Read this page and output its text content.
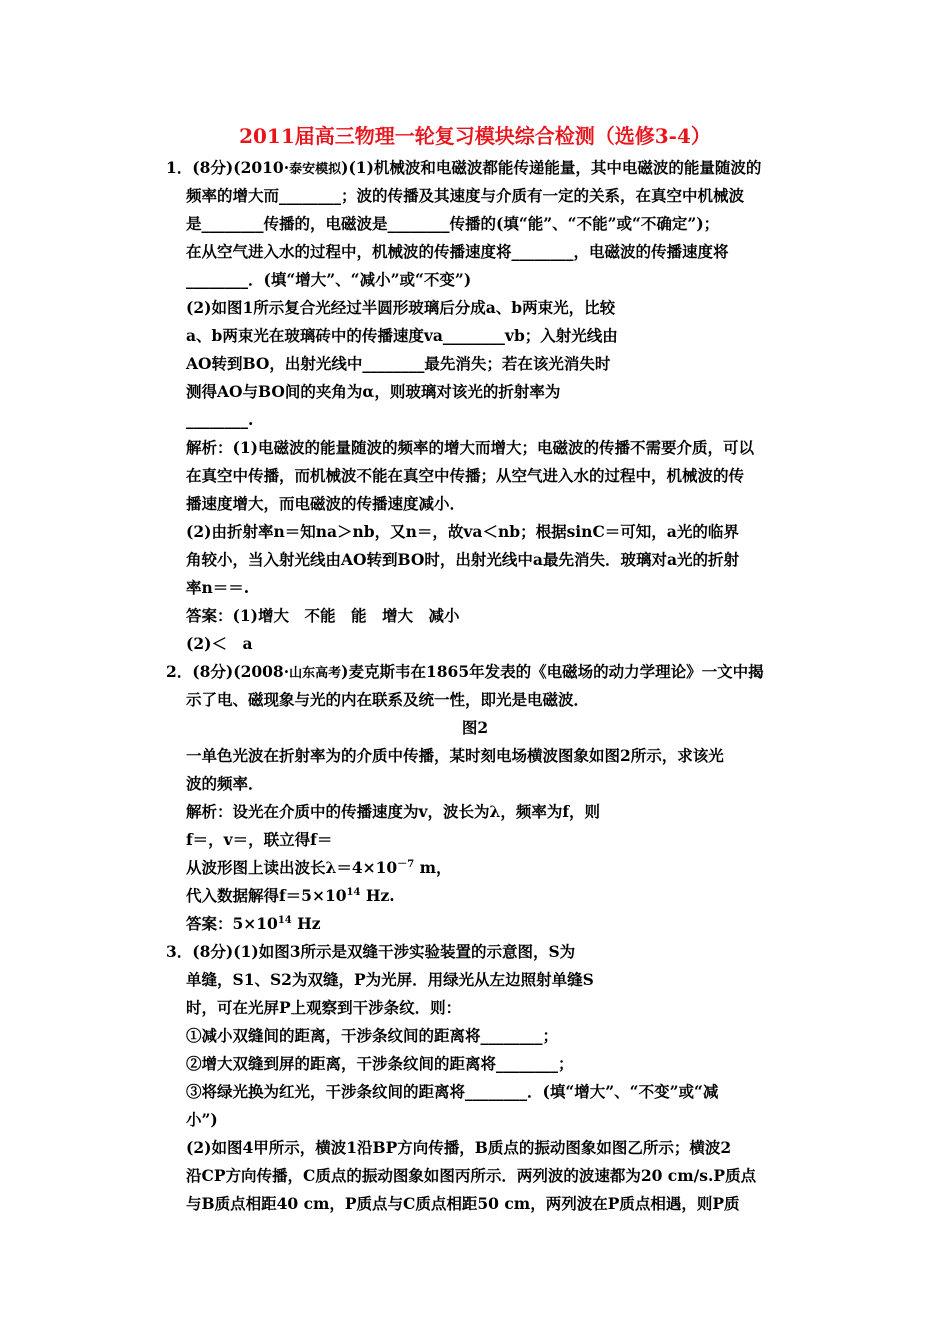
2011届高三物理一轮复习模块综合检测（选修3-4）
1．(8分)(2010·泰安模拟)(1)机械波和电磁波都能传递能量，其中电磁波的能量随波的
频率的增大而________；波的传播及其速度与介质有一定的关系，在真空中机械波
是________传播的，电磁波是________传播的(填“能”、“不能”或“不确定”)；
在从空气进入水的过程中，机械波的传播速度将________，电磁波的传播速度将
________．(填“增大”、“减小”或“不变”)
(2)如图1所示复合光经过半圆形玻璃后分成a、b两束光，比较
a、b两束光在玻璃砖中的传播速度va________vb；入射光线由
AO转到BO，出射光线中________最先消失；若在该光消失时
测得AO与BO间的夹角为α，则玻璃对该光的折射率为
________.
解析：(1)电磁波的能量随波的频率的增大而增大；电磁波的传播不需要介质，可以
在真空中传播，而机械波不能在真空中传播；从空气进入水的过程中，机械波的传
播速度增大，而电磁波的传播速度减小．
(2)由折射率n＝知na＞nb，又n＝，故va＜nb；根据sinC＝可知，a光的临界
角较小，当入射光线由AO转到BO时，出射光线中a最先消失．玻璃对a光的折射
率n＝＝.
答案：(1)增大　不能　能　增大　减小
(2)＜　a
2．(8分)(2008·山东高考)麦克斯韦在1865年发表的《电磁场的动力学理论》一文中揭
示了电、磁现象与光的内在联系及统一性，即光是电磁波．
图2
一单色光波在折射率为的介质中传播，某时刻电场横波图象如图2所示，求该光
波的频率．
解析：设光在介质中的传播速度为v，波长为λ，频率为f，则
f＝，v＝，联立得f＝
从波形图上读出波长$\lambda=4\times 10^{-7}$ m，
代入数据解得$f=5\times 10^{14}$ Hz.
答案：$5\times 10^{14}$ Hz
3．(8分)(1)如图3所示是双缝干涉实验装置的示意图，S为
单缝，S1、S2为双缝，P为光屏．用绿光从左边照射单缝S
时，可在光屏P上观察到干涉条纹．则：
①减小双缝间的距离，干涉条纹间的距离将________；
②增大双缝到屏的距离，干涉条纹间的距离将________；
③将绿光换为红光，干涉条纹间的距离将________．(填“增大”、“不变”或“减
小”)
(2)如图4甲所示，横波1沿BP方向传播，B质点的振动图象如图乙所示；横波2
沿CP方向传播，C质点的振动图象如图丙所示．两列波的波速都为20 cm/s.P质点
与B质点相距40 cm，P质点与C质点相距50 cm，两列波在P质点相遇，则P质
